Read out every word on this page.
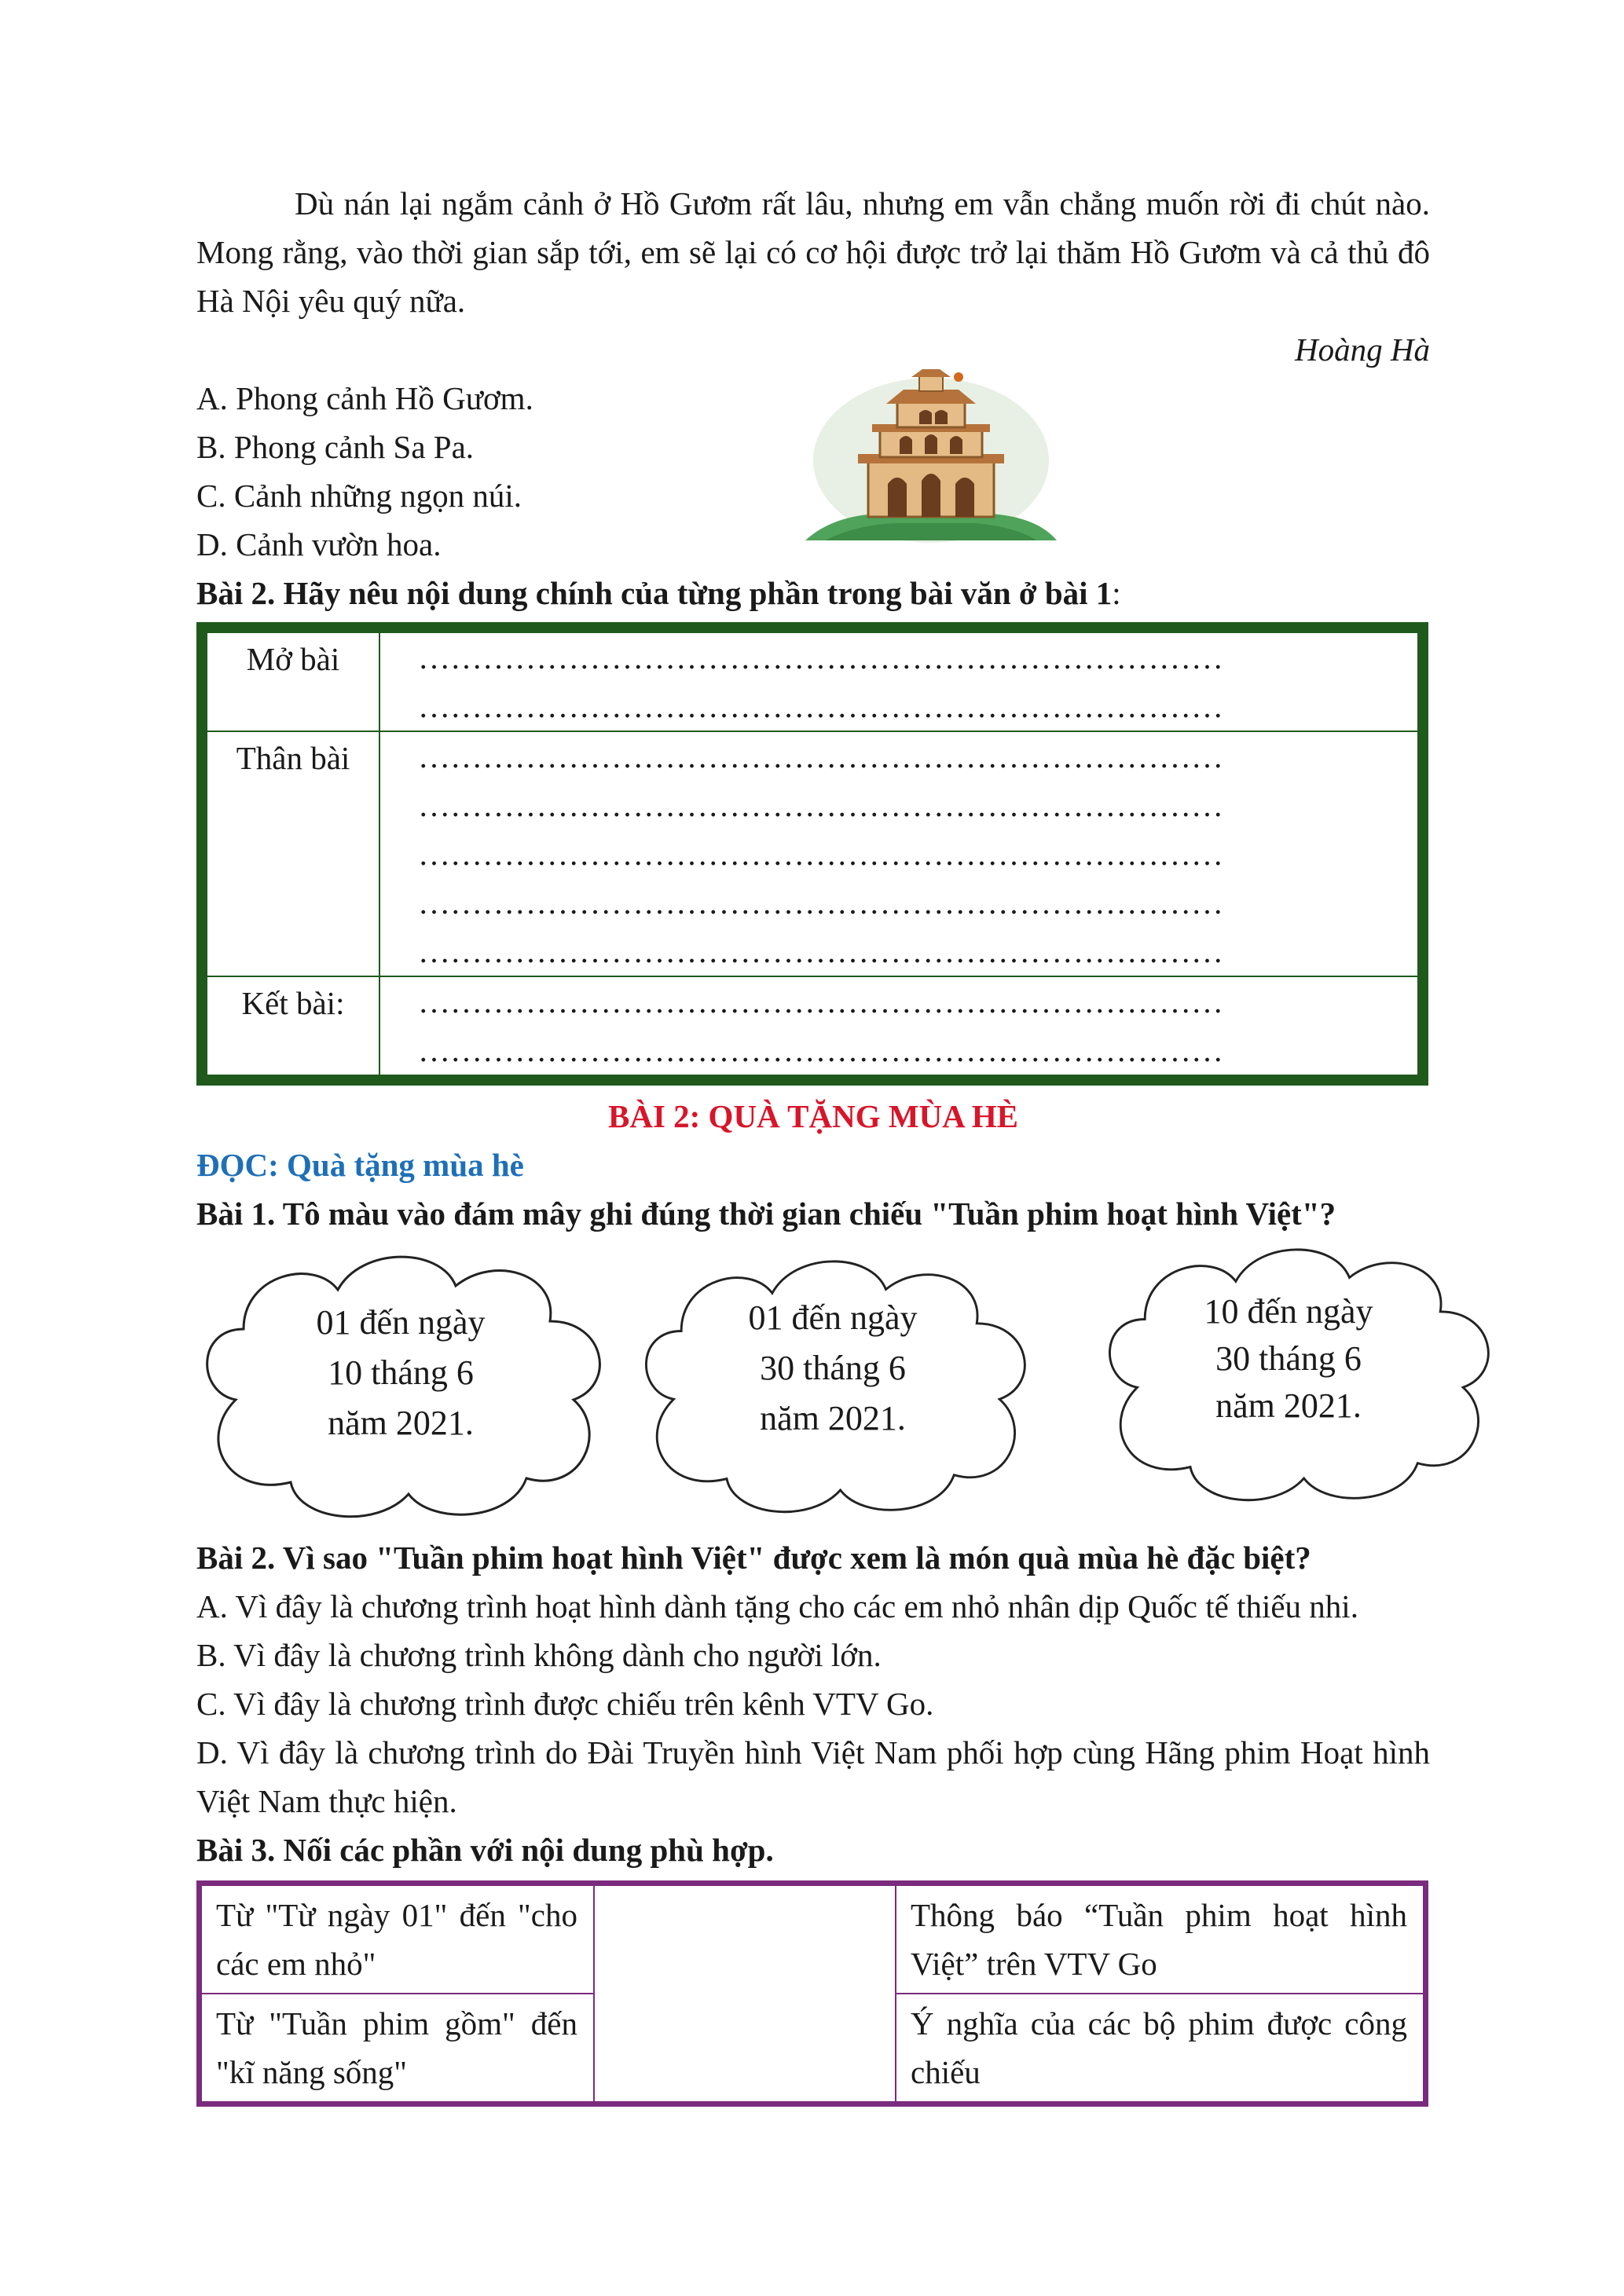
Dù nán lại ngắm cảnh ở Hồ Gươm rất lâu, nhưng em vẫn chẳng muốn rời đi chút nào. Mong rằng, vào thời gian sắp tới, em sẽ lại có cơ hội được trở lại thăm Hồ Gươm và cả thủ đô Hà Nội yêu quý nữa.

Hoàng Hà

A. Phong cảnh Hồ Gươm.

B. Phong cảnh Sa Pa.

C. Cảnh những ngọn núi.

D. Cảnh vườn hoa.

Bài 2. Hãy nêu nội dung chính của từng phần trong bài văn ở bài 1:

Mở bài	…………………………………………………………………
…………………………………………………………………

Thân bài	…………………………………………………………………
…………………………………………………………………
…………………………………………………………………
…………………………………………………………………
…………………………………………………………………

Kết bài:	…………………………………………………………………
…………………………………………………………………

BÀI 2: QUÀ TẶNG MÙA HÈ

ĐỌC: Quà tặng mùa hè

Bài 1. Tô màu vào đám mây ghi đúng thời gian chiếu "Tuần phim hoạt hình Việt"?

01 đến ngày
10 tháng 6
năm 2021.
01 đến ngày
30 tháng 6
năm 2021.
10 đến ngày
30 tháng 6
năm 2021.

Bài 2. Vì sao "Tuần phim hoạt hình Việt" được xem là món quà mùa hè đặc biệt?

A. Vì đây là chương trình hoạt hình dành tặng cho các em nhỏ nhân dịp Quốc tế thiếu nhi.

B. Vì đây là chương trình không dành cho người lớn.

C. Vì đây là chương trình được chiếu trên kênh VTV Go.

D. Vì đây là chương trình do Đài Truyền hình Việt Nam phối hợp cùng Hãng phim Hoạt hình Việt Nam thực hiện.

Bài 3. Nối các phần với nội dung phù hợp.

Từ "Từ ngày 01" đến "cho các em nhỏ"		Thông báo “Tuần phim hoạt hình Việt” trên VTV Go
Từ "Tuần phim gồm" đến "kĩ năng sống"		Ý nghĩa của các bộ phim được công chiếu
